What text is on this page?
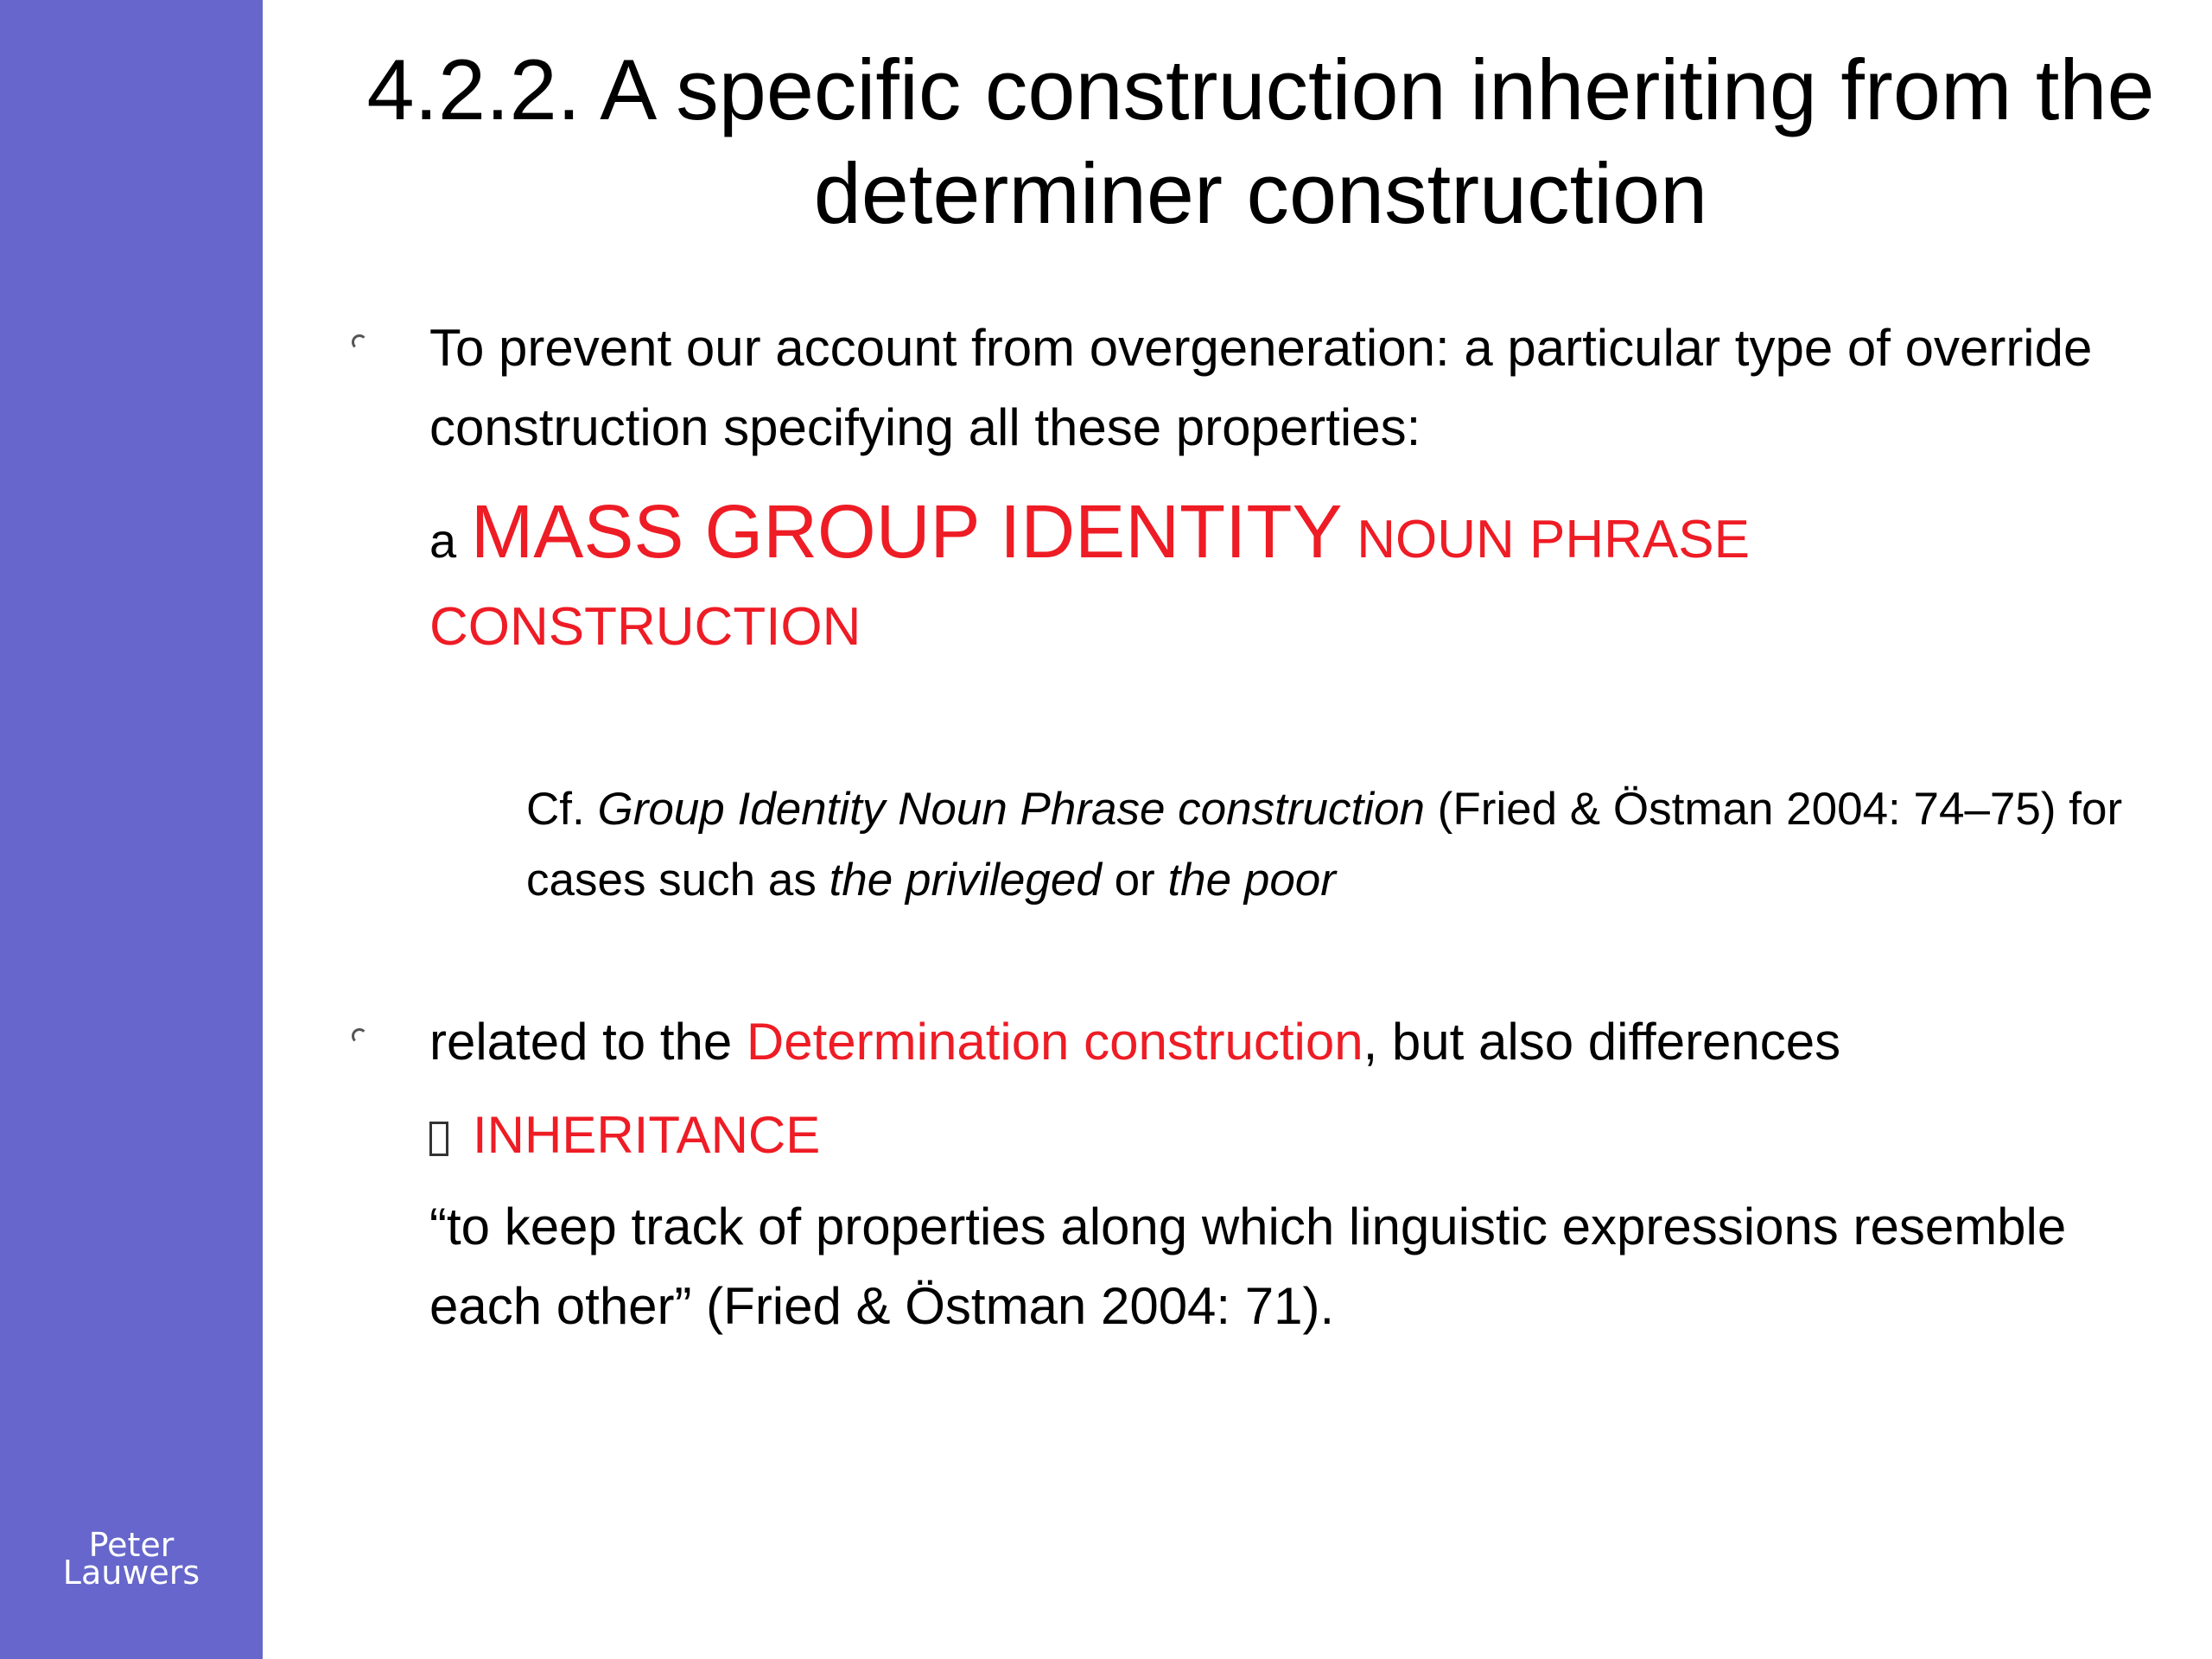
Peter
Lauwers
4.2.2. A specific construction inheriting from the determiner construction

To prevent our account from overgeneration: a particular type of override construction specifying all these properties:

a MASS GROUP IDENTITY NOUN PHRASE
CONSTRUCTION

Cf. Group Identity Noun Phrase construction (Fried & Östman 2004: 74–75) for cases such as the privileged or the poor

related to the Determination construction, but also differences

INHERITANCE

“to keep track of properties along which linguistic expressions resemble each other” (Fried & Östman 2004: 71).
